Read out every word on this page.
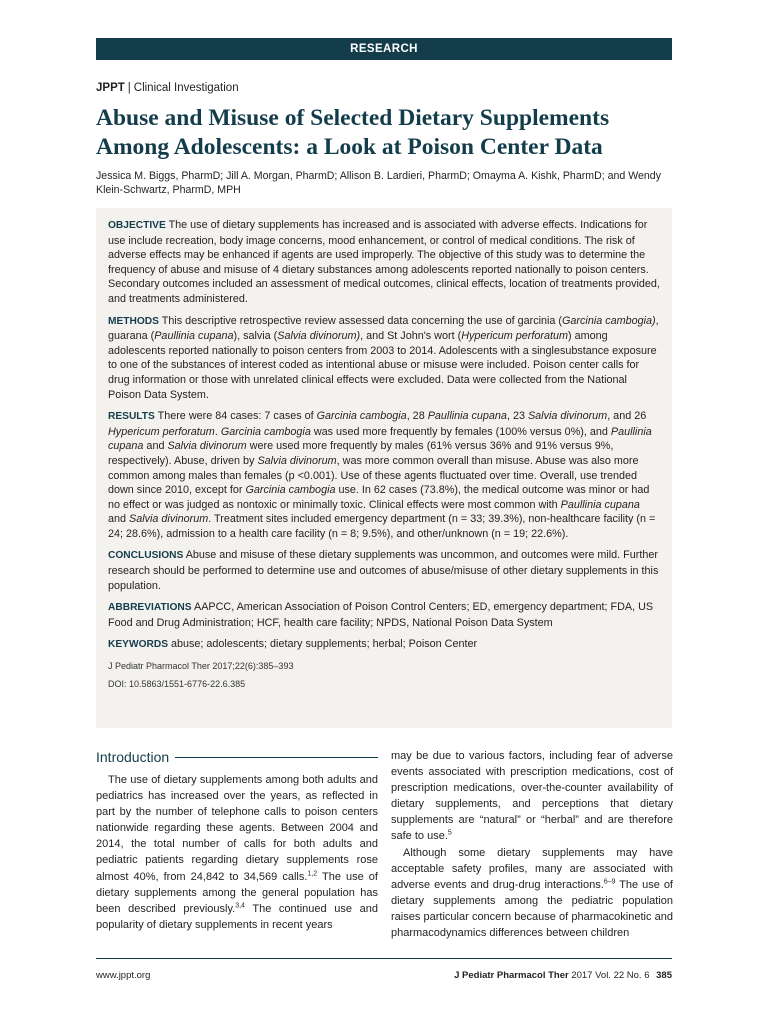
RESEARCH
JPPT | Clinical Investigation
Abuse and Misuse of Selected Dietary Supplements Among Adolescents: a Look at Poison Center Data
Jessica M. Biggs, PharmD; Jill A. Morgan, PharmD; Allison B. Lardieri, PharmD; Omayma A. Kishk, PharmD; and Wendy Klein-Schwartz, PharmD, MPH

OBJECTIVE The use of dietary supplements has increased and is associated with adverse effects. Indications for use include recreation, body image concerns, mood enhancement, or control of medical conditions. The risk of adverse effects may be enhanced if agents are used improperly. The objective of this study was to determine the frequency of abuse and misuse of 4 dietary substances among adolescents reported nationally to poison centers. Secondary outcomes included an assessment of medical outcomes, clinical effects, location of treatments provided, and treatments administered.

METHODS This descriptive retrospective review assessed data concerning the use of garcinia (Garcinia cambogia), guarana (Paullinia cupana), salvia (Salvia divinorum), and St John's wort (Hypericum perforatum) among adolescents reported nationally to poison centers from 2003 to 2014. Adolescents with a singlesubstance exposure to one of the substances of interest coded as intentional abuse or misuse were included. Poison center calls for drug information or those with unrelated clinical effects were excluded. Data were collected from the National Poison Data System.

RESULTS There were 84 cases: 7 cases of Garcinia cambogia, 28 Paullinia cupana, 23 Salvia divinorum, and 26 Hypericum perforatum. Garcinia cambogia was used more frequently by females (100% versus 0%), and Paullinia cupana and Salvia divinorum were used more frequently by males (61% versus 36% and 91% versus 9%, respectively). Abuse, driven by Salvia divinorum, was more common overall than misuse. Abuse was also more common among males than females (p <0.001). Use of these agents fluctuated over time. Overall, use trended down since 2010, except for Garcinia cambogia use. In 62 cases (73.8%), the medical outcome was minor or had no effect or was judged as nontoxic or minimally toxic. Clinical effects were most common with Paullinia cupana and Salvia divinorum. Treatment sites included emergency department (n = 33; 39.3%), non-healthcare facility (n = 24; 28.6%), admission to a health care facility (n = 8; 9.5%), and other/unknown (n = 19; 22.6%).

CONCLUSIONS Abuse and misuse of these dietary supplements was uncommon, and outcomes were mild. Further research should be performed to determine use and outcomes of abuse/misuse of other dietary supplements in this population.

ABBREVIATIONS AAPCC, American Association of Poison Control Centers; ED, emergency department; FDA, US Food and Drug Administration; HCF, health care facility; NPDS, National Poison Data System

KEYWORDS abuse; adolescents; dietary supplements; herbal; Poison Center

J Pediatr Pharmacol Ther 2017;22(6):385–393

DOI: 10.5863/1551-6776-22.6.385

Introduction

The use of dietary supplements among both adults and pediatrics has increased over the years, as reflected in part by the number of telephone calls to poison centers nationwide regarding these agents. Between 2004 and 2014, the total number of calls for both adults and pediatric patients regarding dietary supplements rose almost 40%, from 24,842 to 34,569 calls.$^{1,2}$ The use of dietary supplements among the general population has been described previously.$^{3,4}$ The continued use and popularity of dietary supplements in recent years

may be due to various factors, including fear of adverse events associated with prescription medications, cost of prescription medications, over-the-counter availability of dietary supplements, and perceptions that dietary supplements are “natural” or “herbal” and are therefore safe to use.$^5$

Although some dietary supplements may have acceptable safety profiles, many are associated with adverse events and drug-drug interactions.$^{6-9}$ The use of dietary supplements among the pediatric population raises particular concern because of pharmacokinetic and pharmacodynamics differences between children

www.jppt.org	J Pediatr Pharmacol Ther 2017 Vol. 22 No. 6 385
